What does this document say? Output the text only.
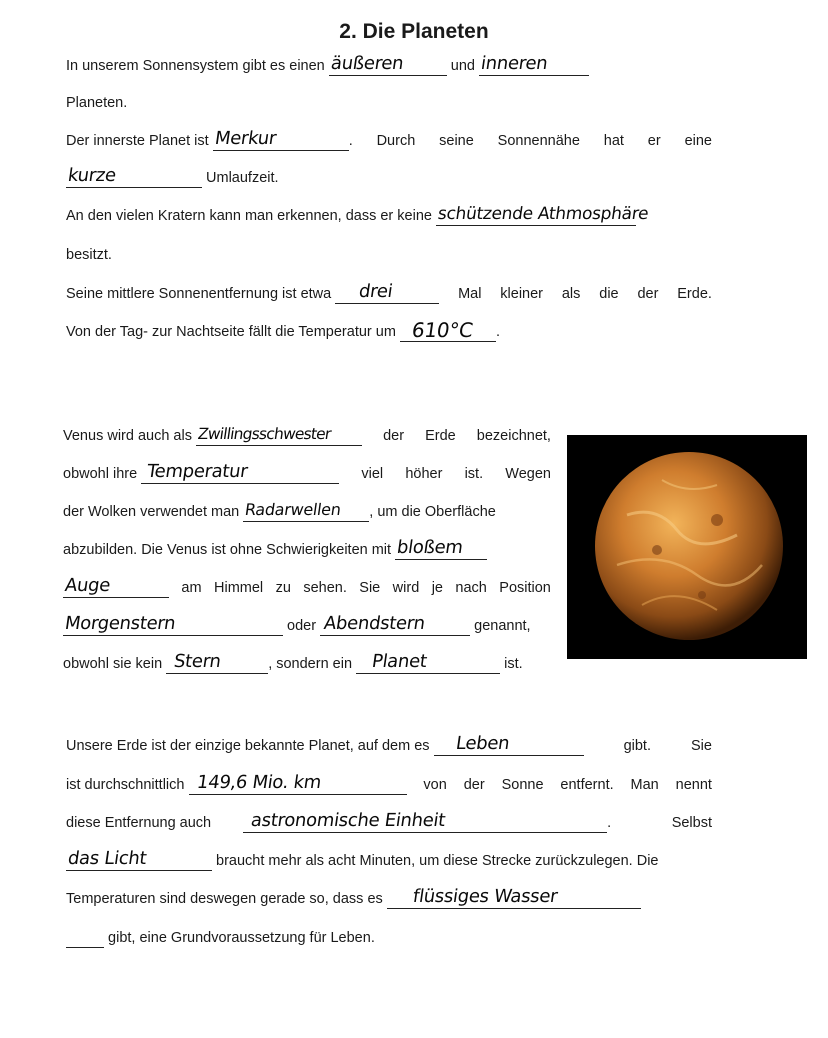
2. Die Planeten
In unserem Sonnensystem gibt es einen äußeren	und inneren
Planeten.
Der innerste Planet ist Merkur	. Durch seine Sonnennähe hat er eine
kurze	Umlaufzeit.
An den vielen Kratern kann man erkennen, dass er keine schützende Athmosphäre
besitzt.
Seine mittlere Sonnenentfernung ist etwa drei	Mal kleiner als die der Erde.
Von der Tag- zur Nachtseite fällt die Temperatur um 610°C .
Venus wird auch als Zwillingsschwester	der Erde bezeichnet,
obwohl ihre Temperatur	viel höher ist. Wegen
der Wolken verwendet man Radarwellen , um die Oberfläche
abzubilden. Die Venus ist ohne Schwierigkeiten mit bloßem
Auge	am Himmel zu sehen. Sie wird je nach Position
Morgenstern	oder Abendstern	genannt,
obwohl sie kein Stern	, sondern ein Planet	ist.
Unsere Erde ist der einzige bekannte Planet, auf dem es Leben	gibt.	Sie
ist durchschnittlich 149,6 Mio. km	von der Sonne entfernt. Man nennt
diese Entfernung auch astronomische Einheit	.	Selbst
das Licht	braucht mehr als acht Minuten, um diese Strecke zurückzulegen. Die
Temperaturen sind deswegen gerade so, dass es flüssiges Wasser
gibt, eine Grundvoraussetzung für Leben.
